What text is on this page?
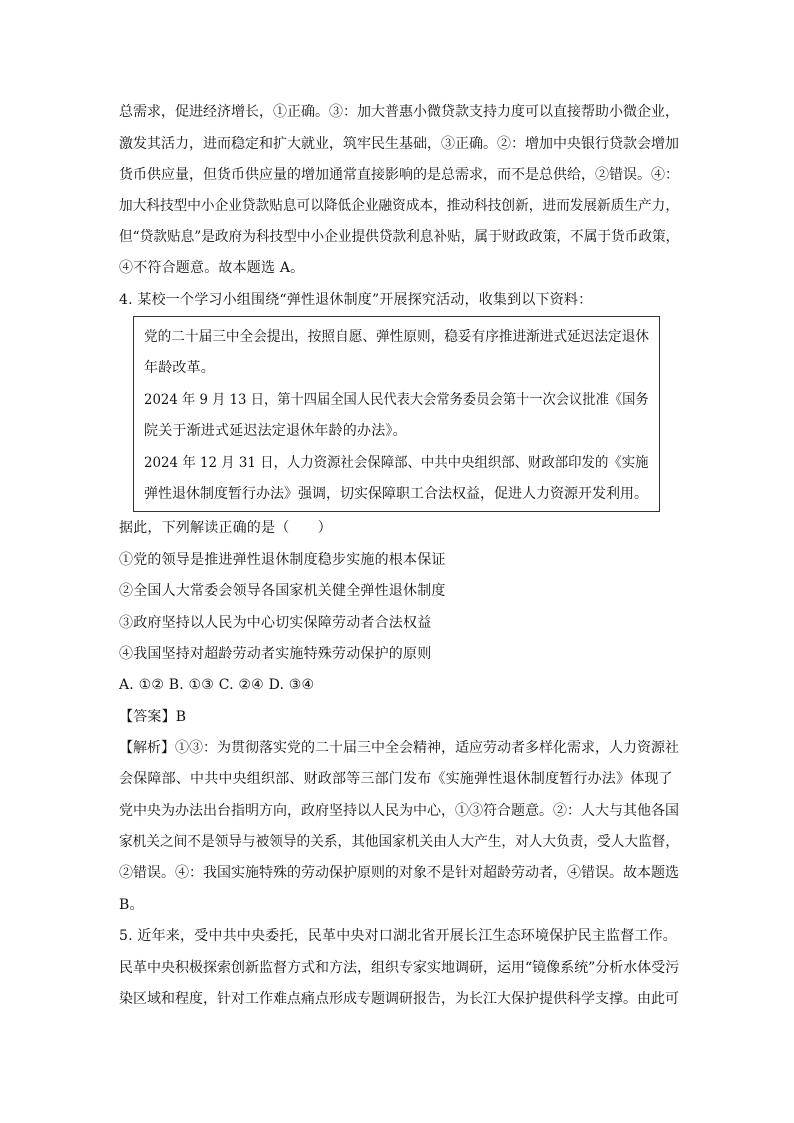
总需求，促进经济增长，①正确。③：加大普惠小微贷款支持力度可以直接帮助小微企业，
激发其活力，进而稳定和扩大就业，筑牢民生基础，③正确。②：增加中央银行贷款会增加
货币供应量，但货币供应量的增加通常直接影响的是总需求，而不是总供给，②错误。④：
加大科技型中小企业贷款贴息可以降低企业融资成本，推动科技创新，进而发展新质生产力，
但“贷款贴息”是政府为科技型中小企业提供贷款利息补贴，属于财政政策，不属于货币政策，
④不符合题意。故本题选 A。
4. 某校一个学习小组围绕“弹性退休制度”开展探究活动，收集到以下资料：
党的二十届三中全会提出，按照自愿、弹性原则，稳妥有序推进渐进式延迟法定退休
年龄改革。
2024 年 9 月 13 日，第十四届全国人民代表大会常务委员会第十一次会议批准《国务
院关于渐进式延迟法定退休年龄的办法》。
2024 年 12 月 31 日，人力资源社会保障部、中共中央组织部、财政部印发的《实施
弹性退休制度暂行办法》强调，切实保障职工合法权益，促进人力资源开发利用。
据此，下列解读正确的是（　　）
①党的领导是推进弹性退休制度稳步实施的根本保证
②全国人大常委会领导各国家机关健全弹性退休制度
③政府坚持以人民为中心切实保障劳动者合法权益
④我国坚持对超龄劳动者实施特殊劳动保护的原则
A. ①② B. ①③ C. ②④ D. ③④
【答案】B
【解析】①③：为贯彻落实党的二十届三中全会精神，适应劳动者多样化需求，人力资源社
会保障部、中共中央组织部、财政部等三部门发布《实施弹性退休制度暂行办法》体现了
党中央为办法出台指明方向，政府坚持以人民为中心，①③符合题意。②：人大与其他各国
家机关之间不是领导与被领导的关系，其他国家机关由人大产生，对人大负责，受人大监督，
②错误。④：我国实施特殊的劳动保护原则的对象不是针对超龄劳动者，④错误。故本题选
B。
5. 近年来，受中共中央委托，民革中央对口湖北省开展长江生态环境保护民主监督工作。
民革中央积极探索创新监督方式和方法，组织专家实地调研，运用“镜像系统”分析水体受污
染区域和程度，针对工作难点痛点形成专题调研报告，为长江大保护提供科学支撑。由此可
